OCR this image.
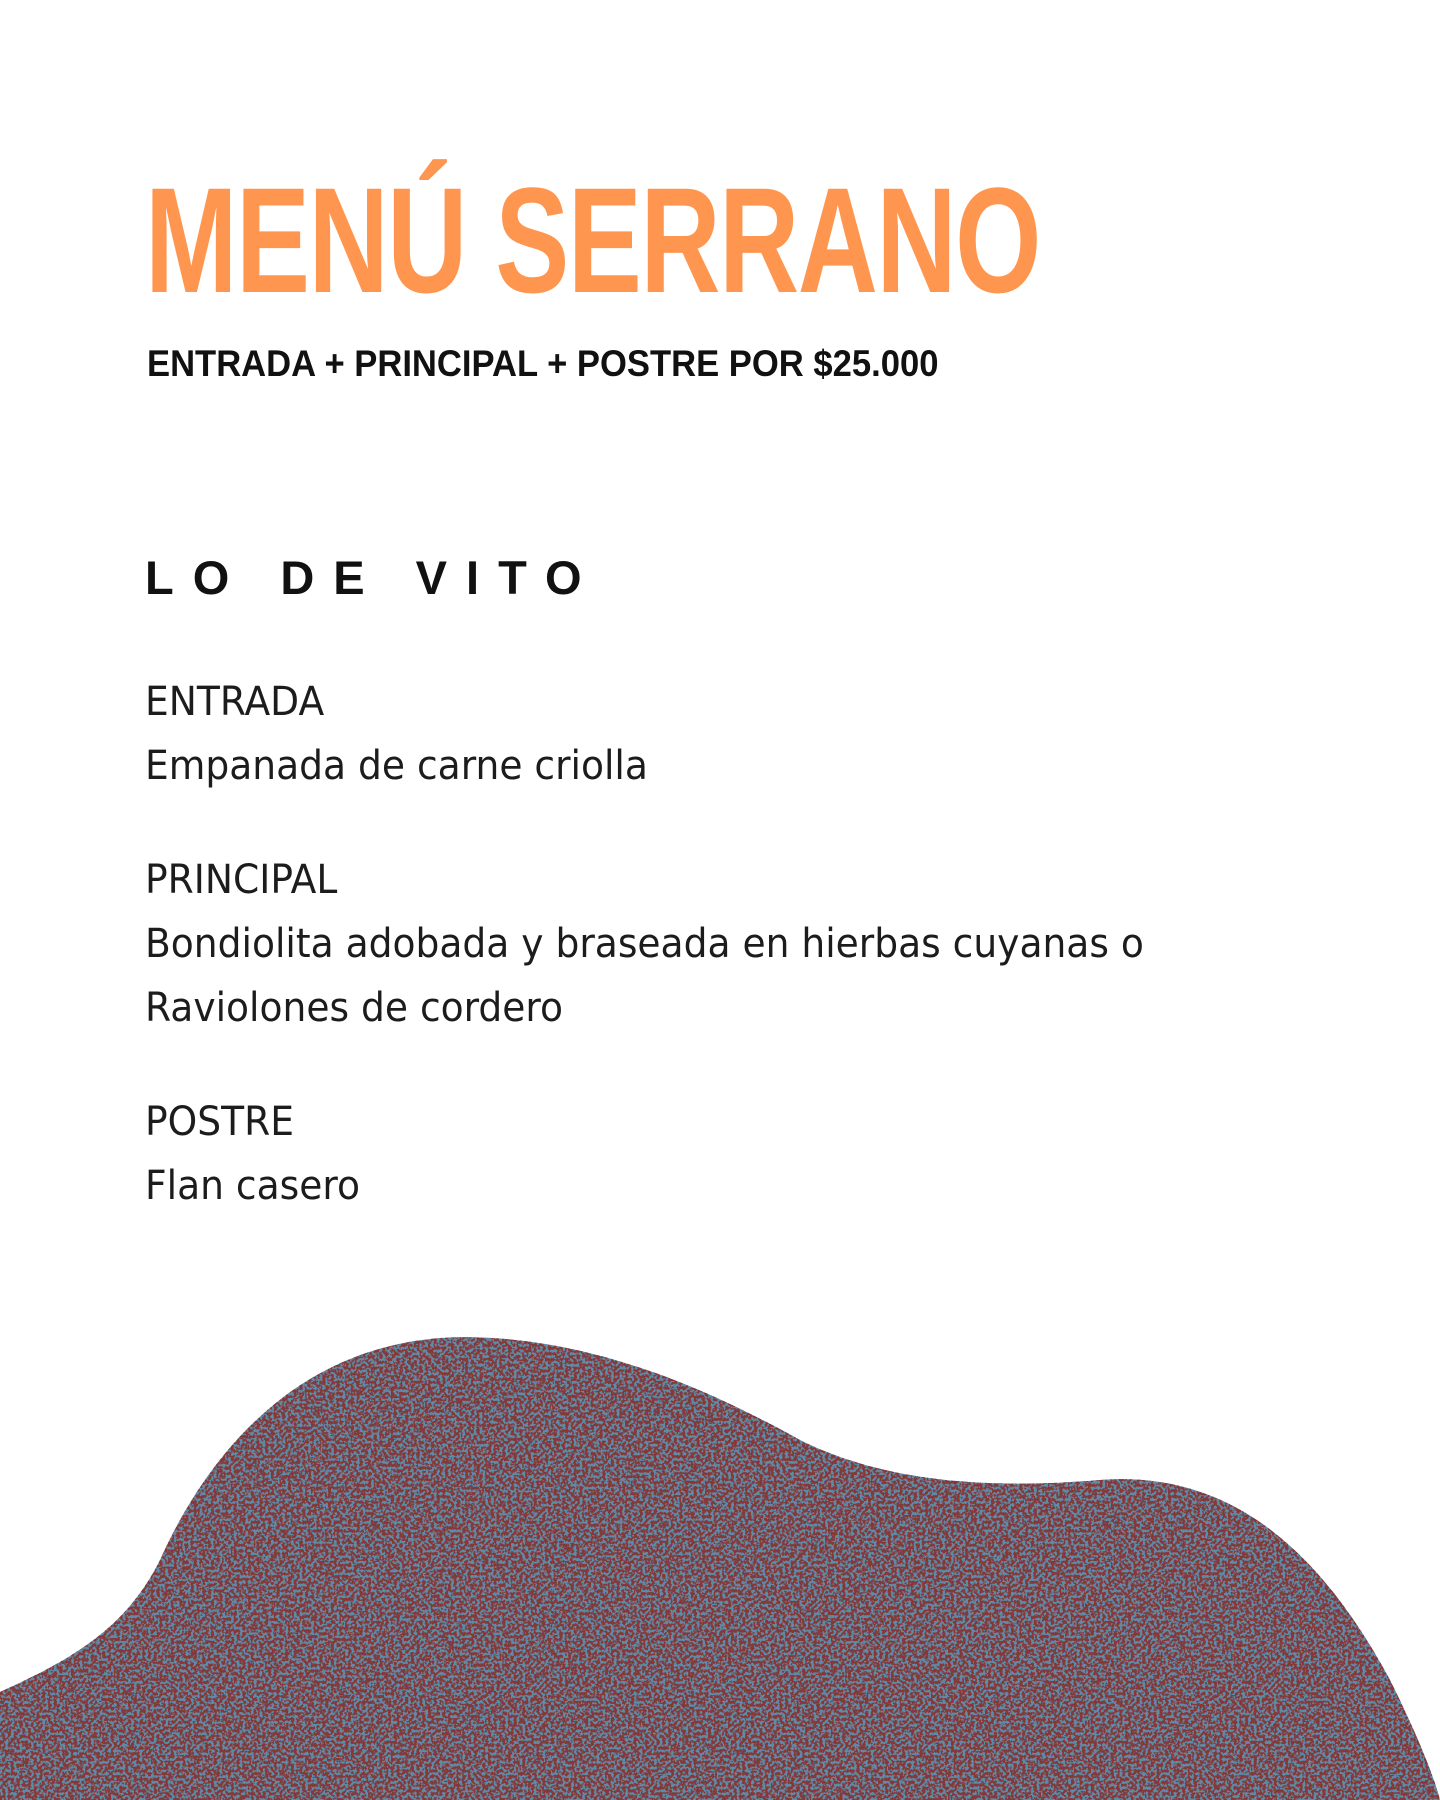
MENÚ SERRANO

ENTRADA + PRINCIPAL + POSTRE POR $25.000

LO DE VITO
ENTRADA
Empanada de carne criolla
PRINCIPAL
Bondiolita adobada y braseada en hierbas cuyanas o
Raviolones de cordero
POSTRE
Flan casero
